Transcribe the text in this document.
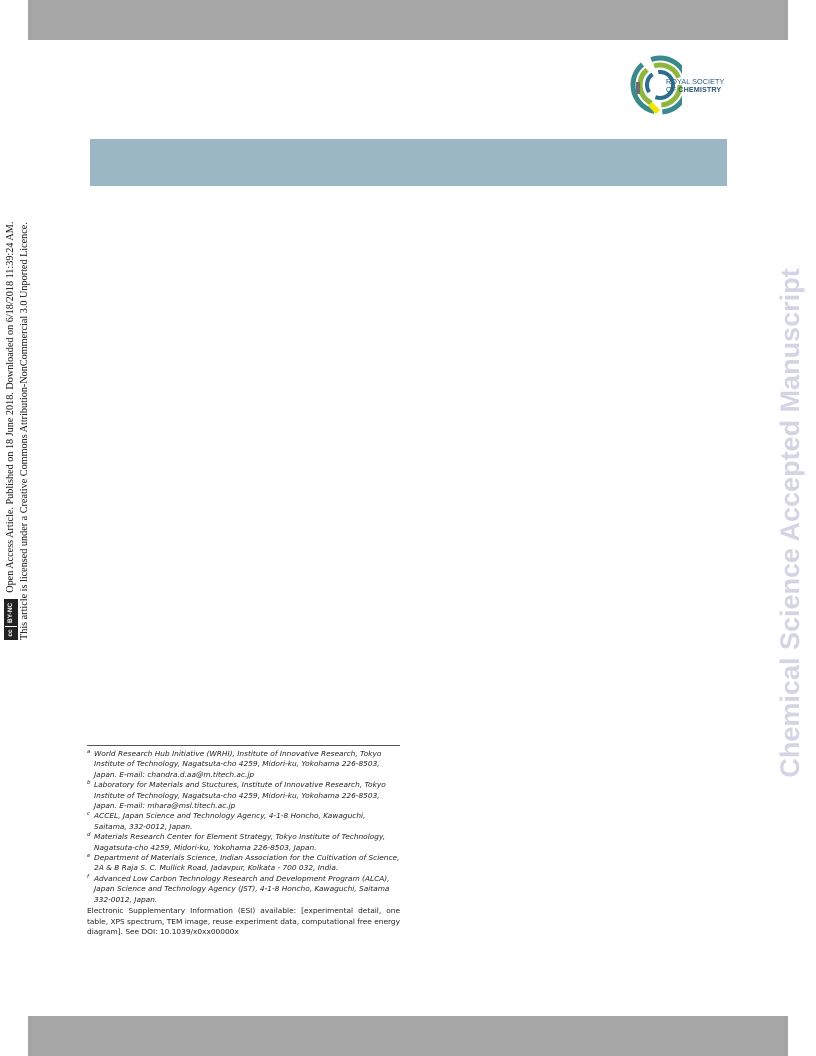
ROYAL SOCIETY
OF CHEMISTRY
cc
BY-NC
Open Access Article. Published on 18 June 2018. Downloaded on 6/18/2018 11:39:24 AM. This article is licensed under a Creative Commons Attribution-NonCommercial 3.0 Unported Licence.	Chemical Science Accepted Manuscript
a World Research Hub Initiative (WRHI), Institute of Innovative Research, Tokyo Institute of Technology, Nagatsuta-cho 4259, Midori-ku, Yokohama 226-8503, Japan. E-mail: chandra.d.aa@m.titech.ac.jp
b Laboratory for Materials and Stuctures, Institute of Innovative Research, Tokyo Institute of Technology, Nagatsuta-cho 4259, Midori-ku, Yokohama 226-8503, Japan. E-mail: mhara@msl.titech.ac.jp
c ACCEL, Japan Science and Technology Agency, 4-1-8 Honcho, Kawaguchi, Saitama, 332-0012, Japan.
d Materials Research Center for Element Strategy, Tokyo Institute of Technology, Nagatsuta-cho 4259, Midori-ku, Yokohama 226-8503, Japan.
e Department of Materials Science, Indian Association for the Cultivation of Science, 2A & B Raja S. C. Mullick Road, Jadavpur, Kolkata - 700 032, India.
f Advanced Low Carbon Technology Research and Development Program (ALCA), Japan Science and Technology Agency (JST), 4-1-8 Honcho, Kawaguchi, Saitama 332-0012, Japan.
Electronic Supplementary Information (ESI) available: [experimental detail, one table, XPS spectrum, TEM image, reuse experiment data, computational free energy diagram]. See DOI: 10.1039/x0xx00000x
